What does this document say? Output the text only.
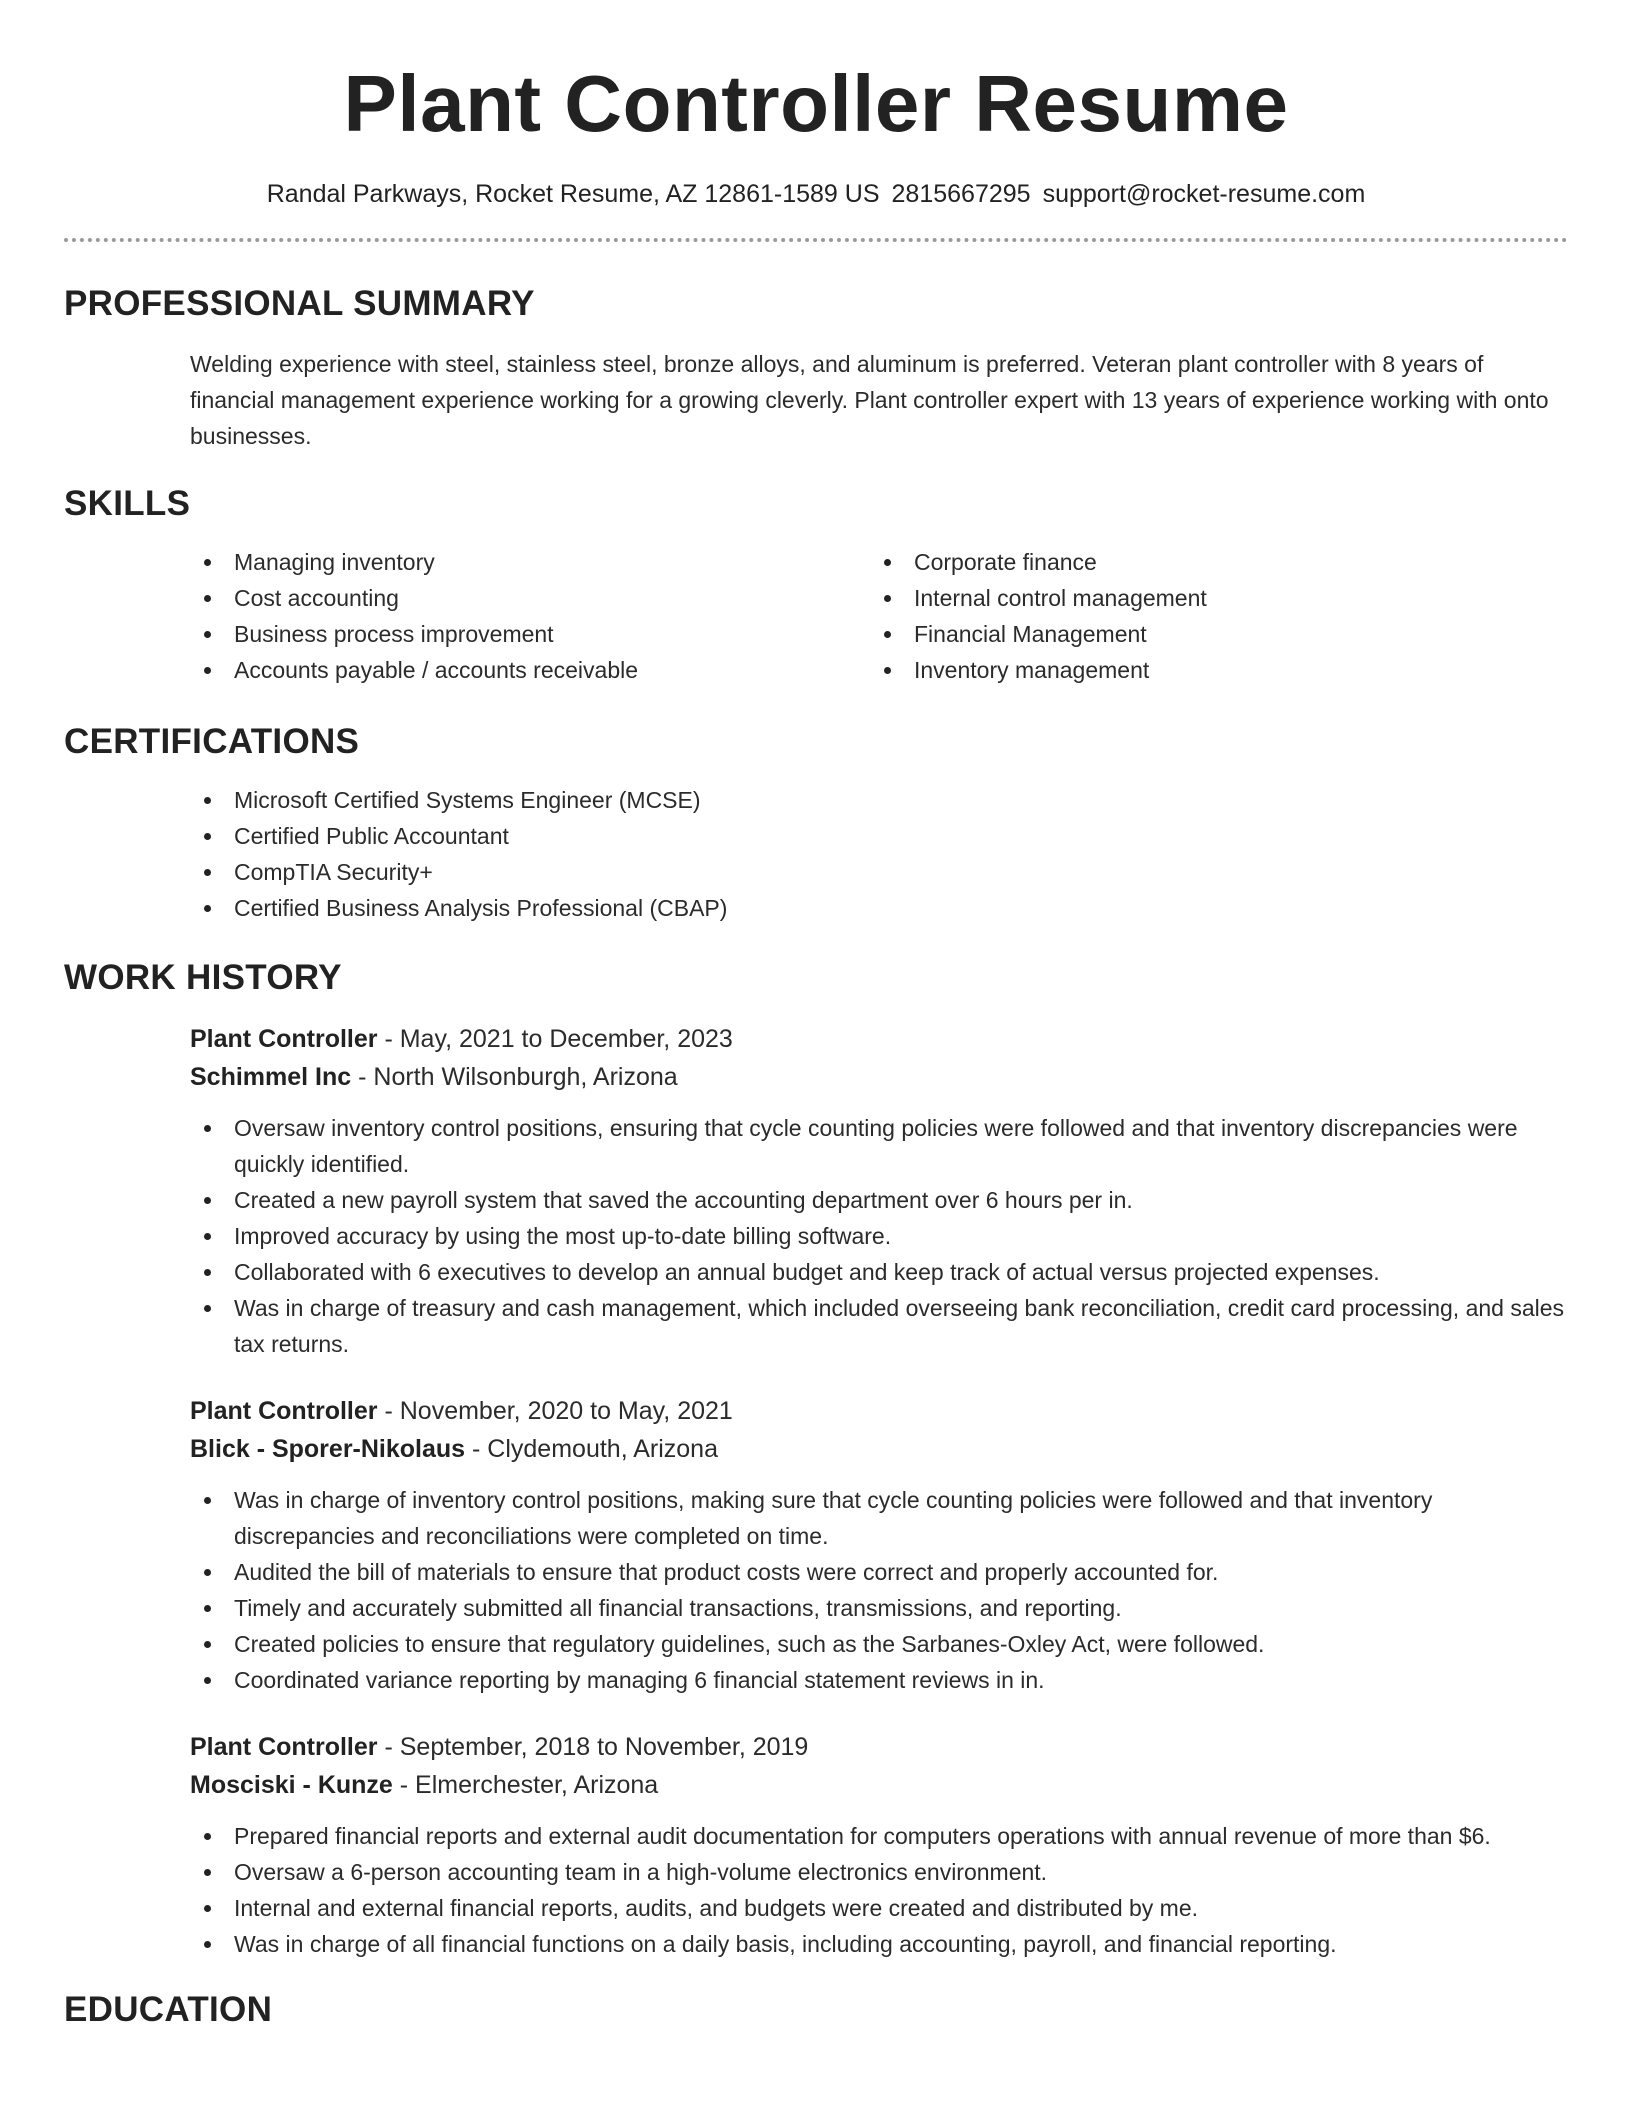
Plant Controller Resume
Randal Parkways, Rocket Resume, AZ 12861-1589 US 2815667295 support@rocket-resume.com
PROFESSIONAL SUMMARY

Welding experience with steel, stainless steel, bronze alloys, and aluminum is preferred. Veteran plant controller with 8 years of financial management experience working for a growing cleverly. Plant controller expert with 13 years of experience working with onto businesses.

SKILLS
Managing inventory
Cost accounting
Business process improvement
Accounts payable / accounts receivable
Corporate finance
Internal control management
Financial Management
Inventory management
CERTIFICATIONS
Microsoft Certified Systems Engineer (MCSE)
Certified Public Accountant
CompTIA Security+
Certified Business Analysis Professional (CBAP)
WORK HISTORY
Plant Controller - May, 2021 to December, 2023
Schimmel Inc - North Wilsonburgh, Arizona
Oversaw inventory control positions, ensuring that cycle counting policies were followed and that inventory discrepancies were quickly identified.
Created a new payroll system that saved the accounting department over 6 hours per in.
Improved accuracy by using the most up-to-date billing software.
Collaborated with 6 executives to develop an annual budget and keep track of actual versus projected expenses.
Was in charge of treasury and cash management, which included overseeing bank reconciliation, credit card processing, and sales tax returns.
Plant Controller - November, 2020 to May, 2021
Blick - Sporer-Nikolaus - Clydemouth, Arizona
Was in charge of inventory control positions, making sure that cycle counting policies were followed and that inventory discrepancies and reconciliations were completed on time.
Audited the bill of materials to ensure that product costs were correct and properly accounted for.
Timely and accurately submitted all financial transactions, transmissions, and reporting.
Created policies to ensure that regulatory guidelines, such as the Sarbanes-Oxley Act, were followed.
Coordinated variance reporting by managing 6 financial statement reviews in in.
Plant Controller - September, 2018 to November, 2019
Mosciski - Kunze - Elmerchester, Arizona
Prepared financial reports and external audit documentation for computers operations with annual revenue of more than $6.
Oversaw a 6-person accounting team in a high-volume electronics environment.
Internal and external financial reports, audits, and budgets were created and distributed by me.
Was in charge of all financial functions on a daily basis, including accounting, payroll, and financial reporting.
EDUCATION
